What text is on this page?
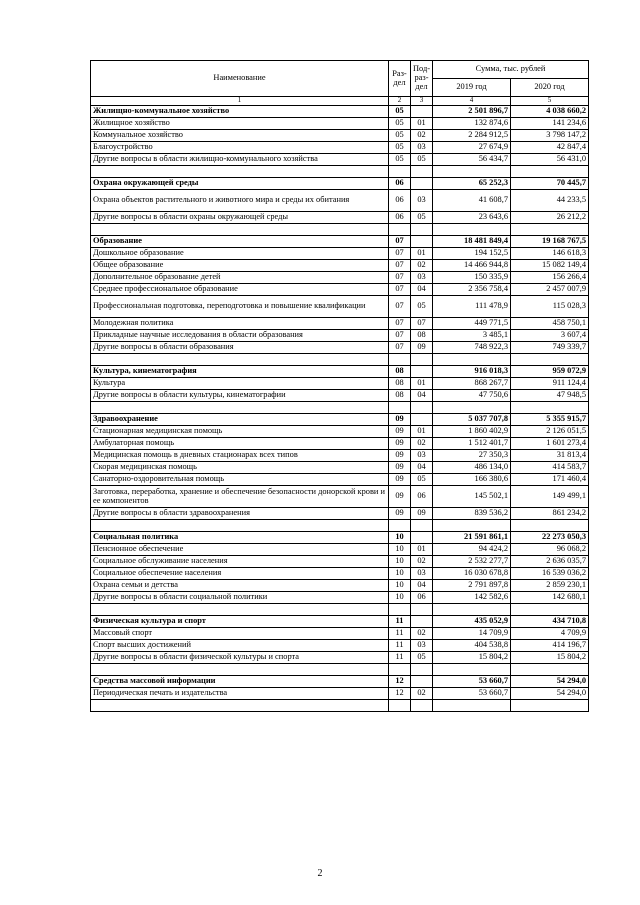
Наименование	Раз-дел	Под-раз-дел	Сумма, тыс. рублей	
			2019 год	2020 год
1	2	3	4	5
Жилищно-коммунальное хозяйство	05		2 501 896,7	4 038 660,2
Жилищное хозяйство	05	01	132 874,6	141 234,6
Коммунальное хозяйство	05	02	2 284 912,5	3 798 147,2
Благоустройство	05	03	27 674,9	42 847,4
Другие вопросы в области жилищно-коммунального хозяйства	05	05	56 434,7	56 431,0

Охрана окружающей среды	06		65 252,3	70 445,7
Охрана объектов растительного и животного мира и среды их обитания	06	03	41 608,7	44 233,5
Другие вопросы в области охраны окружающей среды	06	05	23 643,6	26 212,2

Образование	07		18 481 849,4	19 168 767,5
Дошкольное образование	07	01	194 152,5	146 618,3
Общее образование	07	02	14 466 944,8	15 082 149,4
Дополнительное образование детей	07	03	150 335,9	156 266,4
Среднее профессиональное образование	07	04	2 356 758,4	2 457 007,9
Профессиональная подготовка, переподготовка и повышение квалификации	07	05	111 478,9	115 028,3
Молодежная политика	07	07	449 771,5	458 750,1
Прикладные научные исследования в области образования	07	08	3 485,1	3 607,4
Другие вопросы в области образования	07	09	748 922,3	749 339,7

Культура, кинематография	08		916 018,3	959 072,9
Культура	08	01	868 267,7	911 124,4
Другие вопросы в области культуры, кинематографии	08	04	47 750,6	47 948,5

Здравоохранение	09		5 037 707,8	5 355 915,7
Стационарная медицинская помощь	09	01	1 860 402,9	2 126 051,5
Амбулаторная помощь	09	02	1 512 401,7	1 601 273,4
Медицинская помощь в дневных стационарах всех типов	09	03	27 350,3	31 813,4
Скорая медицинская помощь	09	04	486 134,0	414 583,7
Санаторно-оздоровительная помощь	09	05	166 380,6	171 460,4
Заготовка, переработка, хранение и обеспечение безопасности донорской крови и ее компонентов	09	06	145 502,1	149 499,1
Другие вопросы в области здравоохранения	09	09	839 536,2	861 234,2

Социальная политика	10		21 591 861,1	22 273 050,3
Пенсионное обеспечение	10	01	94 424,2	96 068,2
Социальное обслуживание населения	10	02	2 532 277,7	2 636 035,7
Социальное обеспечение населения	10	03	16 030 678,8	16 539 036,2
Охрана семьи и детства	10	04	2 791 897,8	2 859 230,1
Другие вопросы в области социальной политики	10	06	142 582,6	142 680,1

Физическая культура и спорт	11		435 052,9	434 710,8
Массовый спорт	11	02	14 709,9	4 709,9
Спорт высших достижений	11	03	404 538,8	414 196,7
Другие вопросы в области физической культуры и спорта	11	05	15 804,2	15 804,2

Средства массовой информации	12		53 660,7	54 294,0
Периодическая печать и издательства	12	02	53 660,7	54 294,0

2
